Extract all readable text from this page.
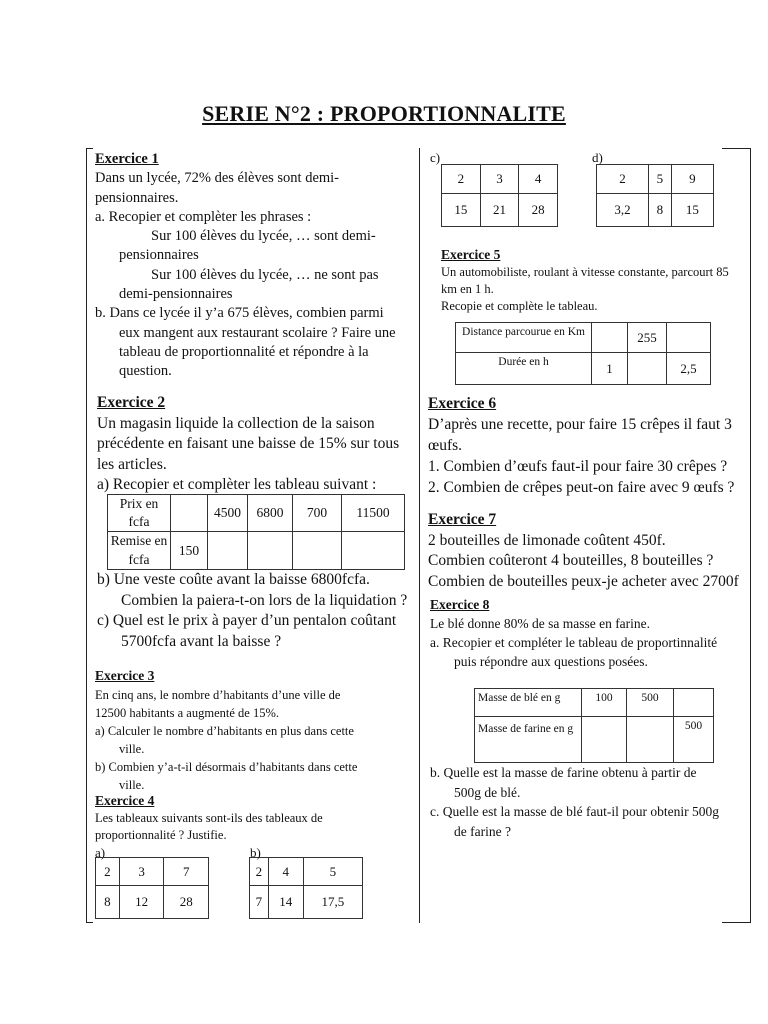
SERIE N°2 : PROPORTIONNALITE

Exercice 1

Dans un lycée, 72% des élèves sont demi-pensionnaires.

a. Recopier et complèter les phrases :

Sur 100 élèves du lycée, … sont demi-pensionnaires

Sur 100 élèves du lycée, … ne sont pas demi-pensionnaires

b. Dans ce lycée il y’a 675 élèves, combien parmi eux mangent aux restaurant scolaire ? Faire une tableau de proportionnalité et répondre à la question.

Exercice 2

Un magasin liquide la collection de la saison précédente en faisant une baisse de 15% sur tous les articles.

a) Recopier et complèter les tableau suivant :

Prix en fcfa		4500	6800	700	11500
Remise en fcfa	150				

b) Une veste coûte avant la baisse 6800fcfa. Combien la paiera-t-on lors de la liquidation ?

c) Quel est le prix à payer d’un pentalon coûtant 5700fcfa avant la baisse ?

Exercice 3

En cinq ans, le nombre d’habitants d’une ville de 12500 habitants a augmenté de 15%.

a) Calculer le nombre d’habitants en plus dans cette ville.

b) Combien y’a-t-il désormais d’habitants dans cette ville.

Exercice 4

Les tableaux suivants sont-ils des tableaux de proportionnalité ? Justifie.

a)	b)
2	3	7
8	12	28
2	4	5
7	14	17,5
c)	d)
2	3	4
15	21	28
2	5	9
3,2	8	15

Exercice 5

Un automobiliste, roulant à vitesse constante, parcourt 85 km en 1 h.

Recopie et complète le tableau.

Distance parcourue en Km		255	
Durée en h	1		2,5

Exercice 6

D’après une recette, pour faire 15 crêpes il faut 3 œufs.

1. Combien d’œufs faut-il pour faire 30 crêpes ?

2. Combien de crêpes peut-on faire avec 9 œufs ?

Exercice 7

2 bouteilles de limonade coûtent 450f.

Combien coûteront 4 bouteilles, 8 bouteilles ?

Combien de bouteilles peux-je acheter avec 2700f

Exercice 8

Le blé donne 80% de sa masse en farine.

a. Recopier et compléter le tableau de proportinnalité puis répondre aux questions posées.

Masse de blé en g	100	500	
Masse de farine en g			500

b. Quelle est la masse de farine obtenu à partir de 500g de blé.

c. Quelle est la masse de blé faut-il pour obtenir 500g de farine ?
